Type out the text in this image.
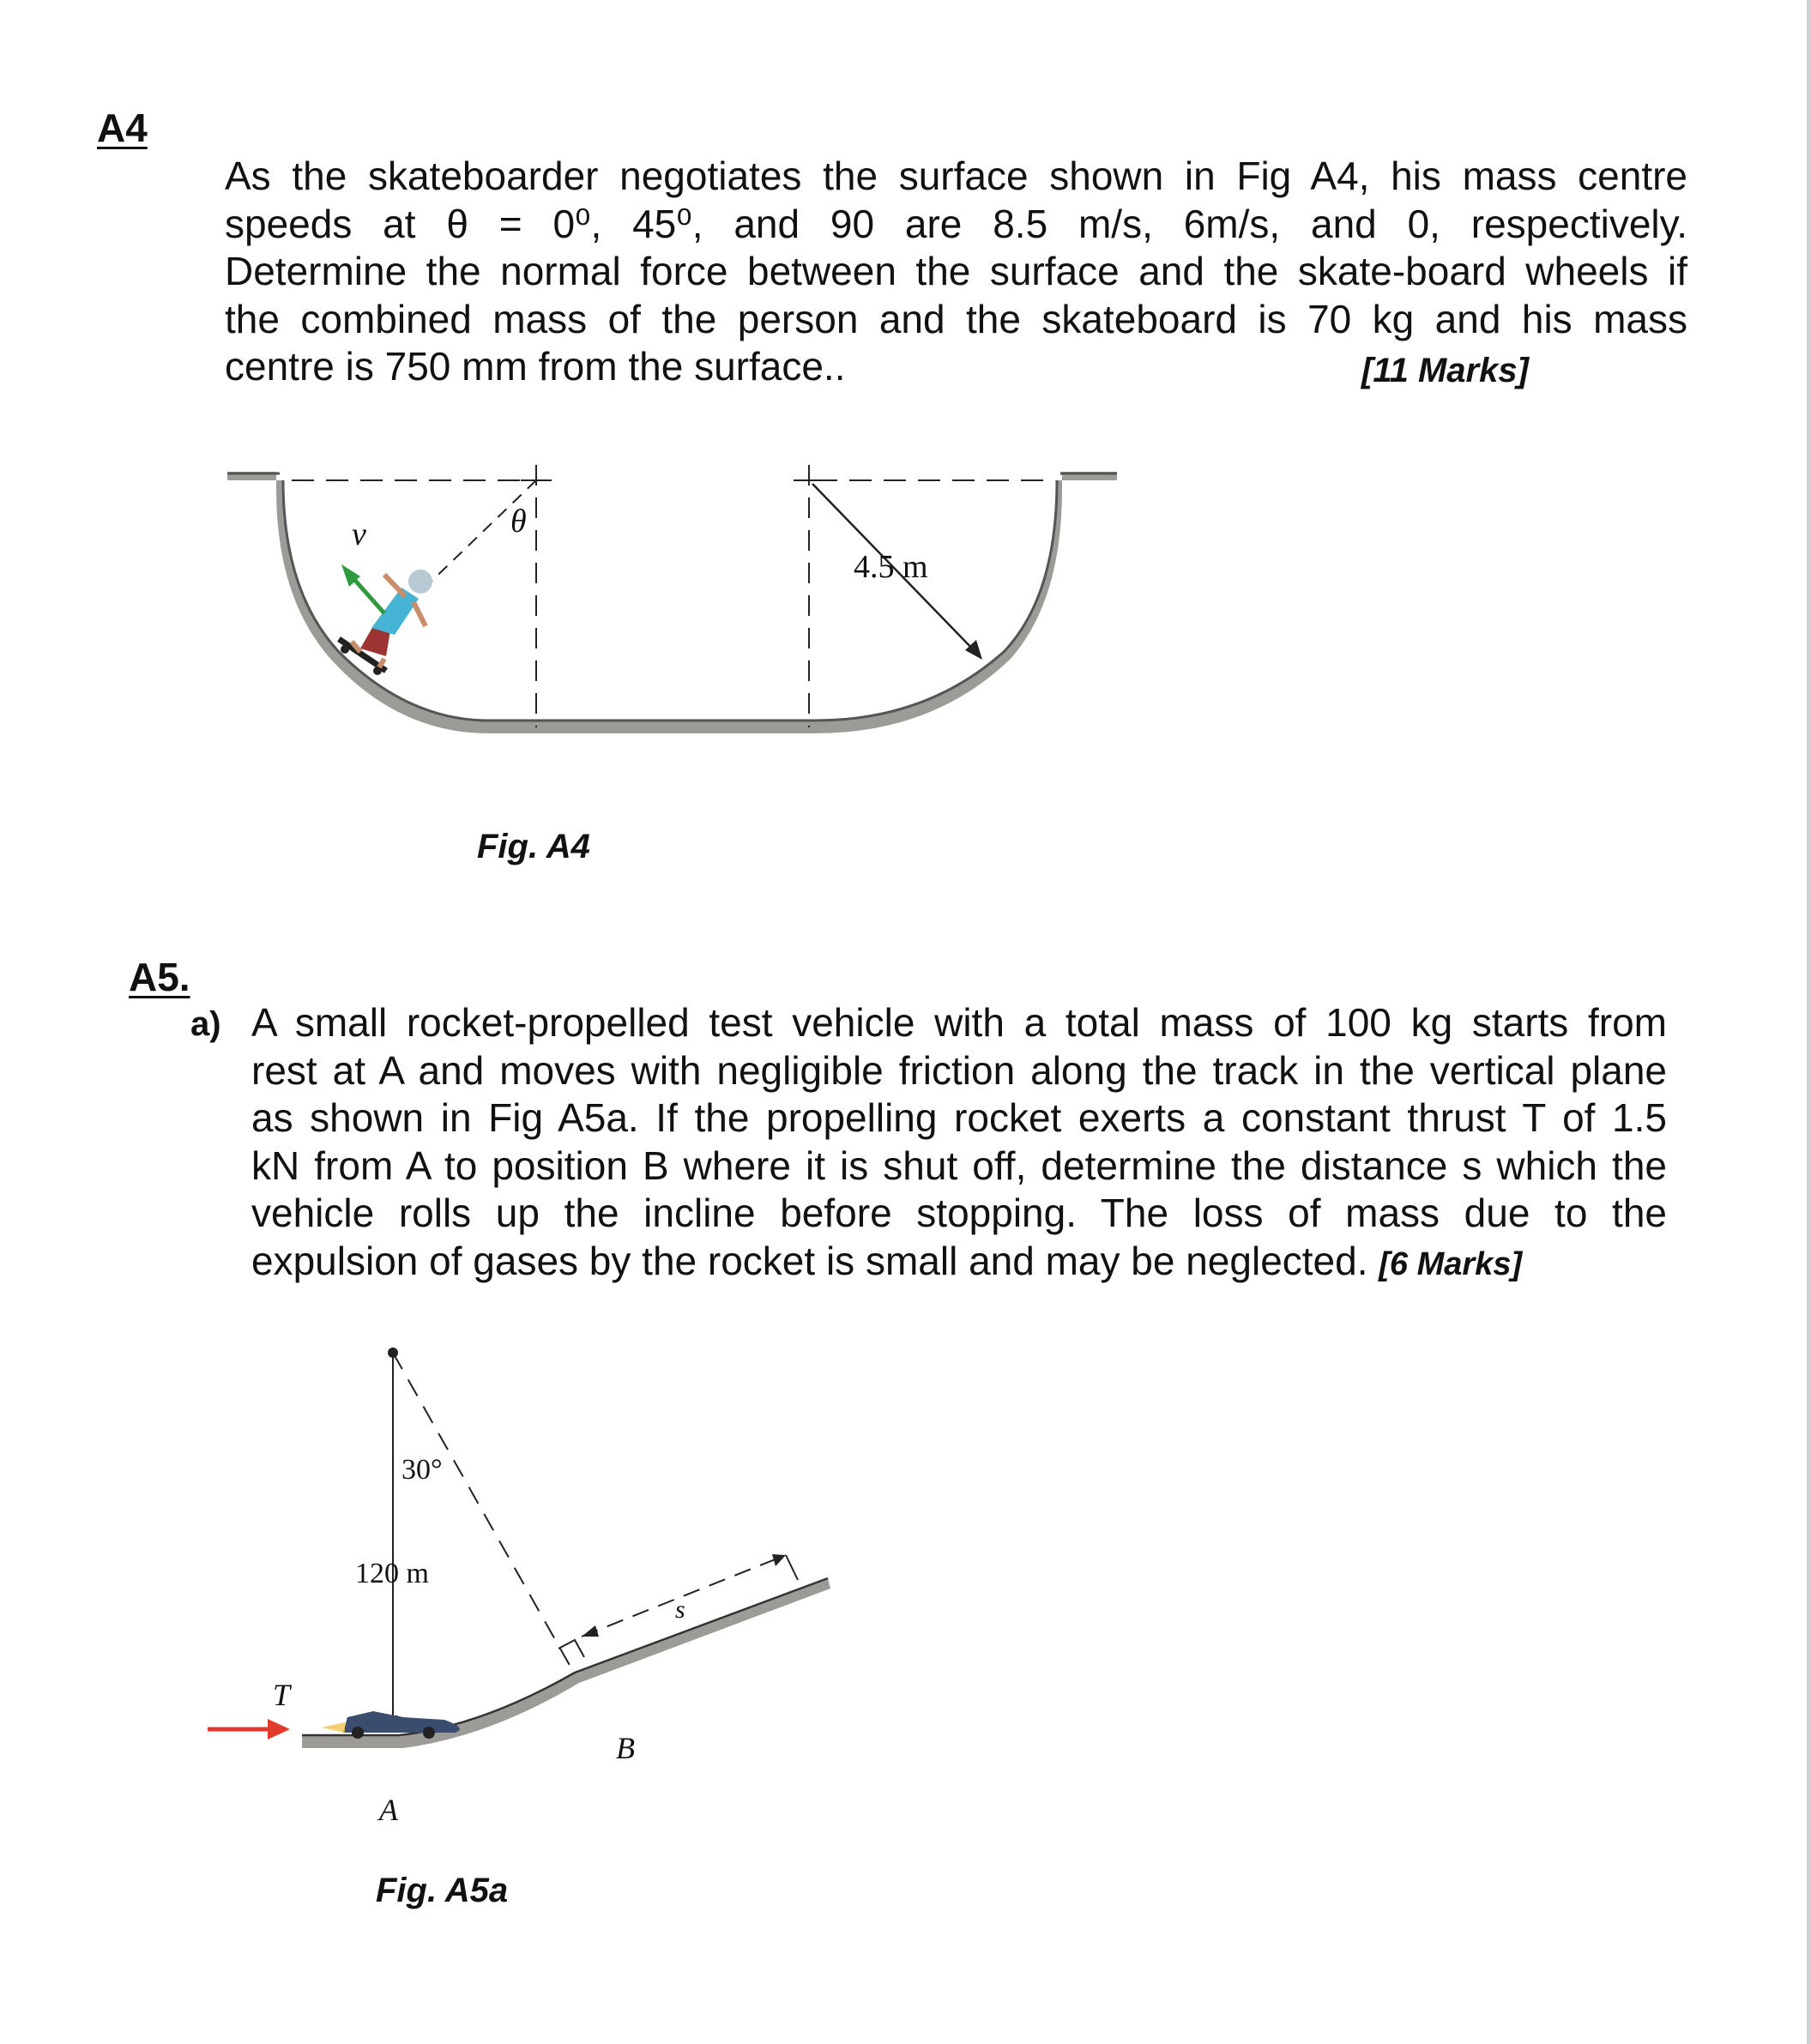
A4
As the skateboarder negotiates the surface shown in Fig A4, his mass centre
speeds at θ = 0⁰, 45⁰, and 90 are 8.5 m/s, 6m/s, and 0, respectively.
Determine the normal force between the surface and the skate-board wheels if
the combined mass of the person and the skateboard is 70 kg and his mass
centre is 750 mm from the surface..	[11 Marks]
v	θ
4.5 m
Fig. A4
A5.
a) A small rocket-propelled test vehicle with a total mass of 100 kg starts from
rest at A and moves with negligible friction along the track in the vertical plane
as shown in Fig A5a. If the propelling rocket exerts a constant thrust T of 1.5
kN from A to position B where it is shut off, determine the distance s which the
vehicle rolls up the incline before stopping. The loss of mass due to the
expulsion of gases by the rocket is small and may be neglected. [6 Marks]
T
30°
120 m
s
A
B
Fig. A5a
